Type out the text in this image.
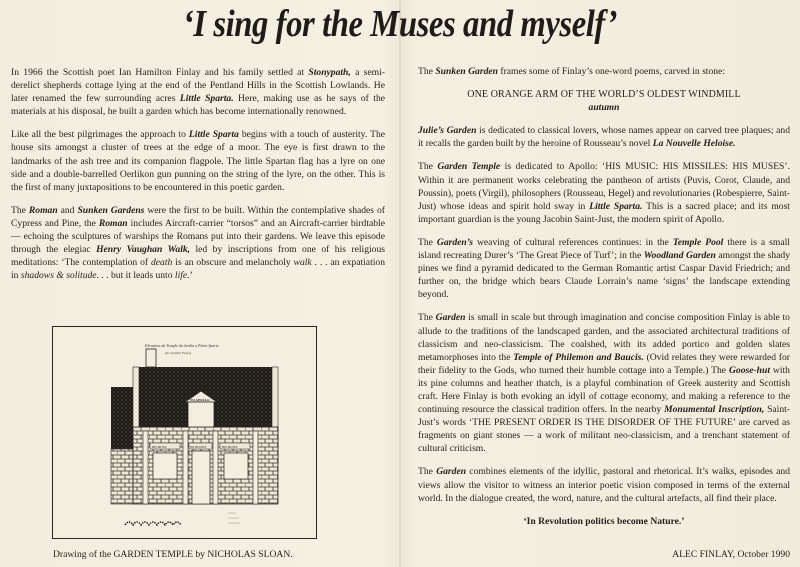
‘I sing for the Muses and myself’

In 1966 the Scottish poet Ian Hamilton Finlay and his family settled at Stonypath, a semi-derelict shepherds cottage lying at the end of the Pentland Hills in the Scottish Lowlands. He later renamed the few surrounding acres Little Sparta. Here, making use as he says of the materials at his disposal, he built a garden which has become internationally renowned.

Like all the best pilgrimages the approach to Little Sparta begins with a touch of austerity. The house sits amongst a cluster of trees at the edge of a moor. The eye is first drawn to the landmarks of the ash tree and its companion flagpole. The little Spartan flag has a lyre on one side and a double-barrelled Oerlikon gun punning on the string of the lyre, on the other. This is the first of many juxtapositions to be encountered in this poetic garden.

The Roman and Sunken Gardens were the first to be built. Within the contemplative shades of Cypress and Pine, the Roman includes Aircraft-carrier “torsos” and an Aircraft-carrier birdtable — echoing the sculptures of warships the Romans put into their gardens. We leave this episode through the elegiac Henry Vaughan Walk, led by inscriptions from one of his religious meditations: ‘The contemplation of death is an obscure and melancholy walk . . . an expatiation in shadows & solitude. . . but it leads unto life.’

Elevation du Temple du Jardin a Petite Sparte
(In Scottish Farm)
TO APOLLO
HIS MUSIC	HIS MISSILES	HIS MUSES
~~~~~
~~~~~~~
~~~~~~~~
Drawing of the GARDEN TEMPLE by NICHOLAS SLOAN.

The Sunken Garden frames some of Finlay’s one-word poems, carved in stone:

ONE ORANGE ARM OF THE WORLD’S OLDEST WINDMILL
autumn

Julie’s Garden is dedicated to classical lovers, whose names appear on carved tree plaques; and it recalls the garden built by the heroine of Rousseau’s novel La Nouvelle Heloise.

The Garden Temple is dedicated to Apollo: ‘HIS MUSIC: HIS MISSILES: HIS MUSES’. Within it are permanent works celebrating the pantheon of artists (Puvis, Corot, Claude, and Poussin), poets (Virgil), philosophers (Rousseau, Hegel) and revolutionaries (Robespierre, Saint-Just) whose ideas and spirit hold sway in Little Sparta. This is a sacred place; and its most important guardian is the young Jacobin Saint-Just, the modern spirit of Apollo.

The Garden’s weaving of cultural references continues: in the Temple Pool there is a small island recreating Durer’s ‘The Great Piece of Turf’; in the Woodland Garden amongst the shady pines we find a pyramid dedicated to the German Romantic artist Caspar David Friedrich; and further on, the bridge which bears Claude Lorrain’s name ‘signs’ the landscape extending beyond.

The Garden is small in scale but through imagination and concise composition Finlay is able to allude to the traditions of the landscaped garden, and the associated architectural traditions of classicism and neo-classicism. The coalshed, with its added portico and golden slates metamorphoses into the Temple of Philemon and Baucis. (Ovid relates they were rewarded for their fidelity to the Gods, who turned their humble cottage into a Temple.) The Goose-hut with its pine columns and heather thatch, is a playful combination of Greek austerity and Scottish craft. Here Finlay is both evoking an idyll of cottage economy, and making a reference to the continuing resource the classical tradition offers. In the nearby Monumental Inscription, Saint-Just’s words ‘THE PRESENT ORDER IS THE DISORDER OF THE FUTURE’ are carved as fragments on giant stones — a work of militant neo-classicism, and a trenchant statement of cultural criticism.

The Garden combines elements of the idyllic, pastoral and rhetorical. It’s walks, episodes and views allow the visitor to witness an interior poetic vision composed in terms of the external world. In the dialogue created, the word, nature, and the cultural artefacts, all find their place.

‘In Revolution politics become Nature.’

ALEC FINLAY, October 1990
